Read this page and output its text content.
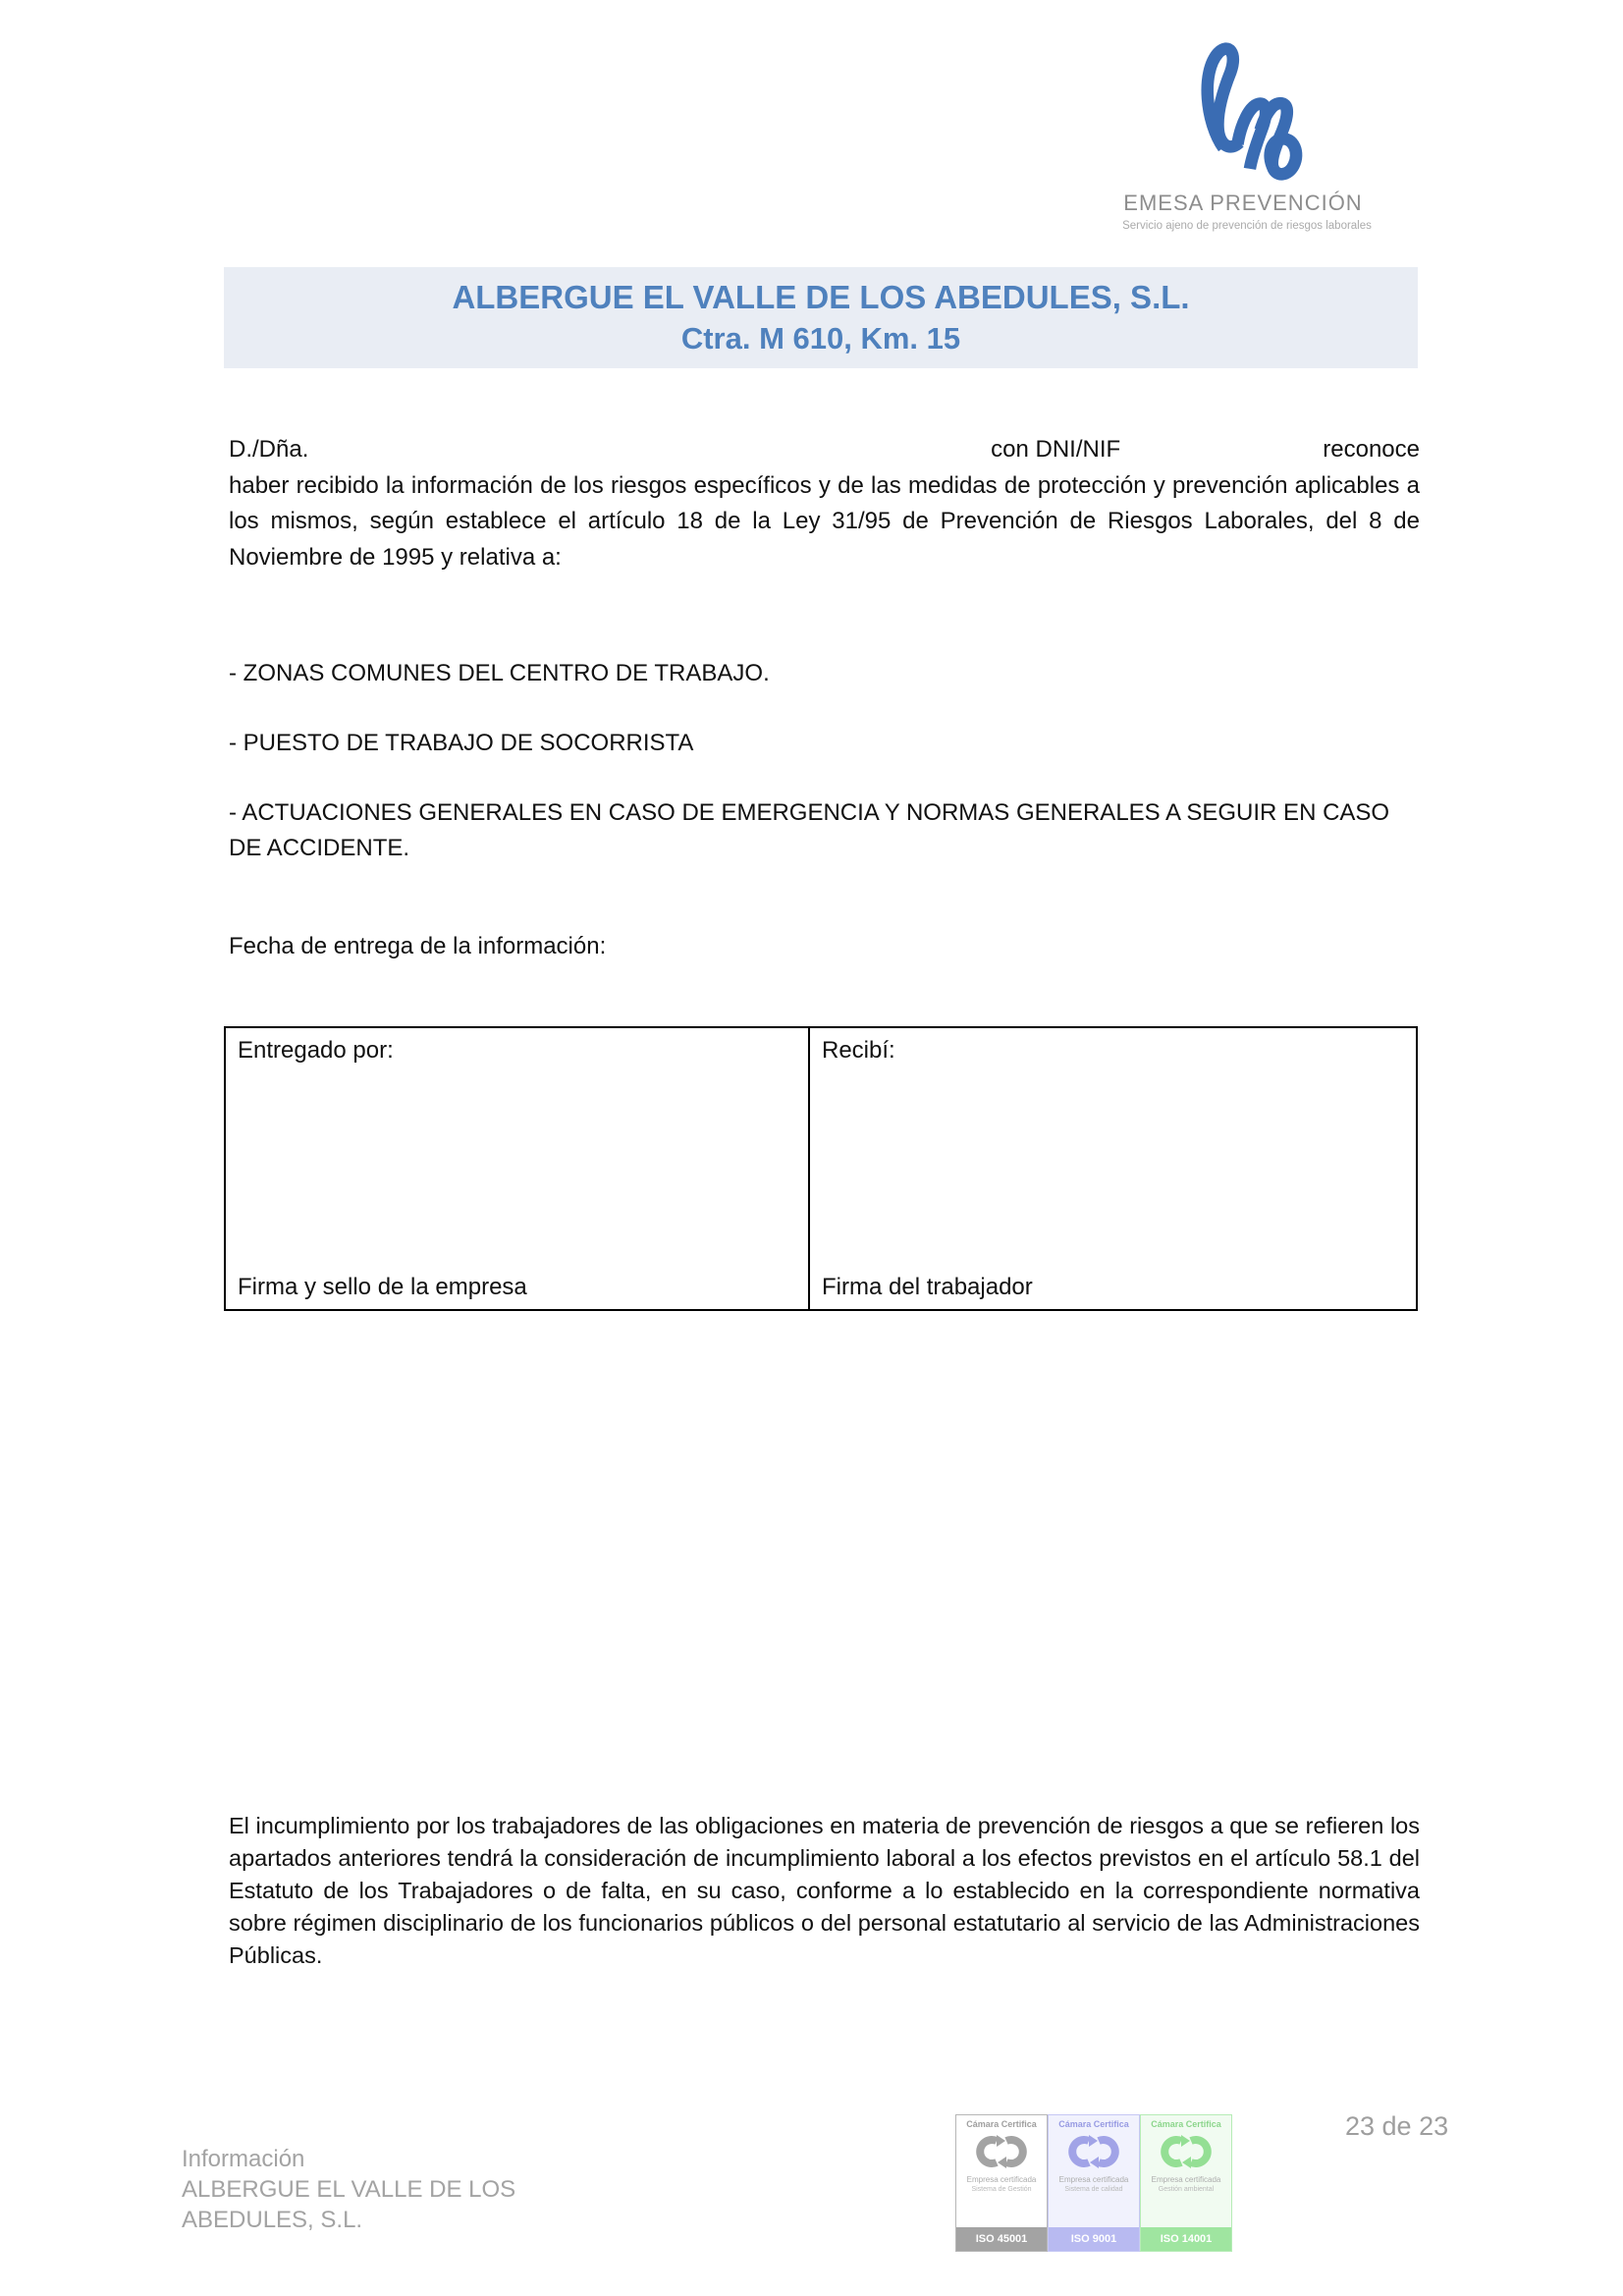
EMESA PREVENCIÓN
Servicio ajeno de prevención de riesgos laborales
ALBERGUE EL VALLE DE LOS ABEDULES, S.L.
Ctra. M 610, Km. 15
D./Dña.	con DNI/NIF	reconoce
haber recibido la información de los riesgos específicos y de las medidas de protección y prevención aplicables a los mismos, según establece el artículo 18 de la Ley 31/95 de Prevención de Riesgos Laborales, del 8 de Noviembre de 1995 y relativa a:
- ZONAS COMUNES DEL CENTRO DE TRABAJO.
- PUESTO DE TRABAJO DE SOCORRISTA
- ACTUACIONES GENERALES EN CASO DE EMERGENCIA Y NORMAS GENERALES A SEGUIR EN CASO DE ACCIDENTE.
Fecha de entrega de la información:
Entregado por:
Firma y sello de la empresa
Recibí:
Firma del trabajador
El incumplimiento por los trabajadores de las obligaciones en materia de prevención de riesgos a que se refieren los apartados anteriores tendrá la consideración de incumplimiento laboral a los efectos previstos en el artículo 58.1 del Estatuto de los Trabajadores o de falta, en su caso, conforme a lo establecido en la correspondiente normativa sobre régimen disciplinario de los funcionarios públicos o del personal estatutario al servicio de las Administraciones Públicas.
Información
ALBERGUE EL VALLE DE LOS
ABEDULES, S.L.
Cámara Certifica
Empresa certificada
Sistema de Gestión
ISO 45001
Cámara Certifica
Empresa certificada
Sistema de calidad
ISO 9001
Cámara Certifica
Empresa certificada
Gestión ambiental
ISO 14001
23 de 23
